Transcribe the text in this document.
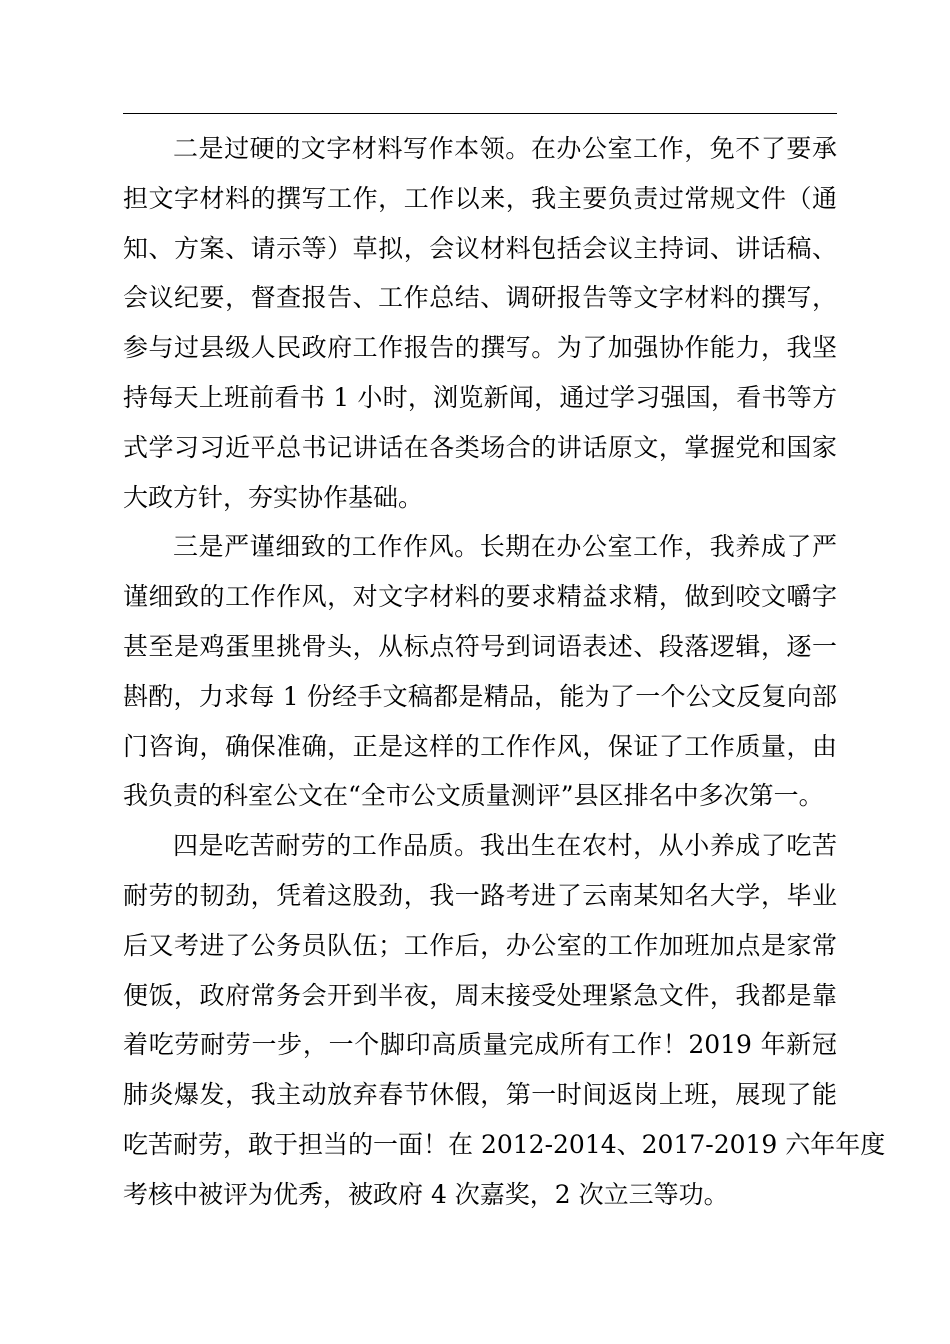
二是过硬的文字材料写作本领。在办公室工作，免不了要承
担文字材料的撰写工作，工作以来，我主要负责过常规文件（通
知、方案、请示等）草拟，会议材料包括会议主持词、讲话稿、
会议纪要，督查报告、工作总结、调研报告等文字材料的撰写，
参与过县级人民政府工作报告的撰写。为了加强协作能力，我坚
持每天上班前看书 1 小时，浏览新闻，通过学习强国，看书等方
式学习习近平总书记讲话在各类场合的讲话原文，掌握党和国家
大政方针，夯实协作基础。
三是严谨细致的工作作风。长期在办公室工作，我养成了严
谨细致的工作作风，对文字材料的要求精益求精，做到咬文嚼字
甚至是鸡蛋里挑骨头，从标点符号到词语表述、段落逻辑，逐一
斟酌，力求每 1 份经手文稿都是精品，能为了一个公文反复向部
门咨询，确保准确，正是这样的工作作风，保证了工作质量，由
我负责的科室公文在“全市公文质量测评”县区排名中多次第一。
四是吃苦耐劳的工作品质。我出生在农村，从小养成了吃苦
耐劳的韧劲，凭着这股劲，我一路考进了云南某知名大学，毕业
后又考进了公务员队伍；工作后，办公室的工作加班加点是家常
便饭，政府常务会开到半夜，周末接受处理紧急文件，我都是靠
着吃劳耐劳一步，一个脚印高质量完成所有工作！2019 年新冠
肺炎爆发，我主动放弃春节休假，第一时间返岗上班，展现了能
吃苦耐劳，敢于担当的一面！在 2012-2014、2017-2019 六年年度
考核中被评为优秀，被政府 4 次嘉奖，2 次立三等功。
